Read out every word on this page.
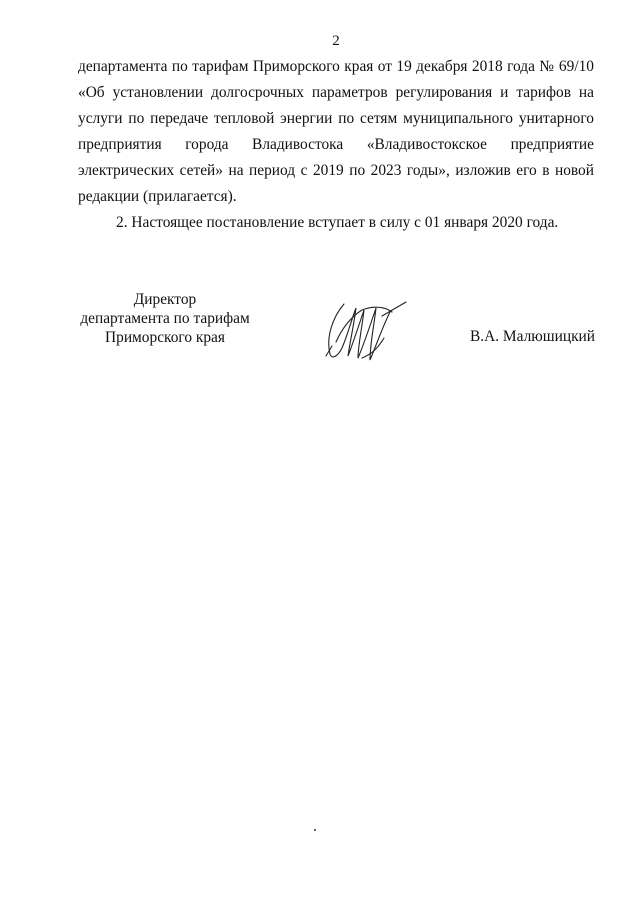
2

департамента по тарифам Приморского края от 19 декабря 2018 года № 69/10 «Об установлении долгосрочных параметров регулирования и тарифов на услуги по передаче тепловой энергии по сетям муниципального унитарного предприятия города Владивостока «Владивостокское предприятие электрических сетей» на период с 2019 по 2023 годы», изложив его в новой редакции (прилагается).

2. Настоящее постановление вступает в силу с 01 января 2020 года.

Директор
департамента по тарифам
Приморского края	В.А. Малюшицкий
